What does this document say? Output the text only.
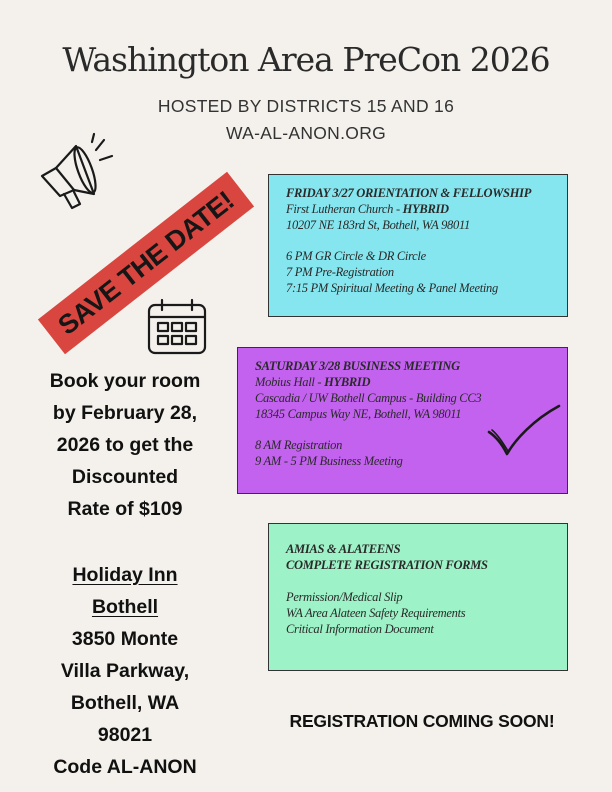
Washington Area PreCon 2026
HOSTED BY DISTRICTS 15 AND 16
WA-AL-ANON.ORG
SAVE THE DATE!	FRIDAY 3/27 ORIENTATION & FELLOWSHIP
First Lutheran Church - HYBRID
10207 NE 183rd St, Bothell, WA 98011
6 PM GR Circle & DR Circle
7 PM Pre-Registration
7:15 PM Spiritual Meeting & Panel Meeting
SATURDAY 3/28 BUSINESS MEETING
Mobius Hall - HYBRID
Cascadia / UW Bothell Campus - Building CC3
18345 Campus Way NE, Bothell, WA 98011
8 AM Registration
9 AM - 5 PM Business Meeting
AMIAS & ALATEENS
COMPLETE REGISTRATION FORMS
Permission/Medical Slip
WA Area Alateen Safety Requirements
Critical Information Document
Book your room
by February 28,
2026 to get the
Discounted
Rate of $109
Holiday Inn
Bothell
3850 Monte
Villa Parkway,
Bothell, WA
98021
Code AL-ANON
REGISTRATION COMING SOON!
